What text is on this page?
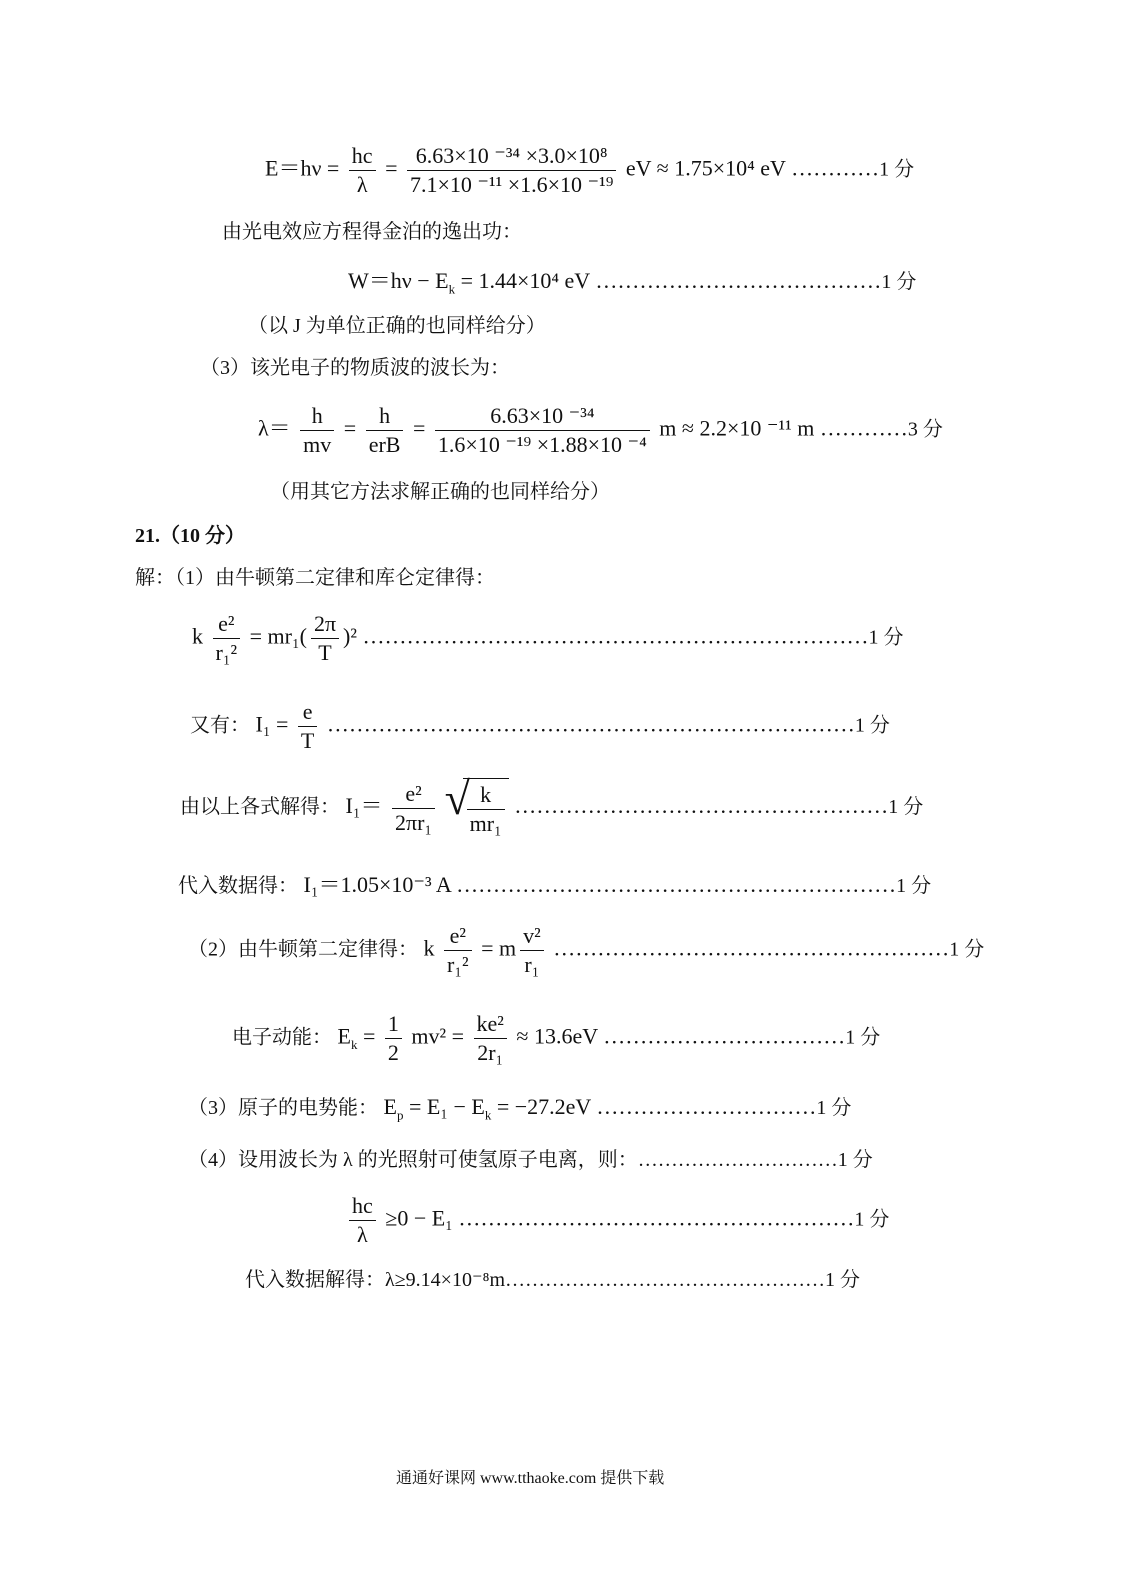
$E=h\nu = \frac{hc}{\lambda} = \frac{\text{6.63×10 ⁻³⁴ ×3.0×10⁸}}{\text{7.1×10 ⁻¹¹ ×1.6×10 ⁻¹⁹}}$ eV ≈ 1.75×10⁴ eV …………1 分
由光电效应方程得金泊的逸出功：
$W=h\nu - E_k = 1.44\times 10^4$ eV …………………………………1 分
（以 J 为单位正确的也同样给分）
（3）该光电子的物质波的波长为：
$\lambda= \frac{h}{mv} = \frac{h}{\text{erB}} = \frac{\text{6.63×10 ⁻³⁴}}{\text{1.6×10 ⁻¹⁹ ×1.88×10 ⁻⁴}}$ m ≈ 2.2×10 ⁻¹¹ m …………3 分
（用其它方法求解正确的也同样给分）
21.（10 分）
解：（1）由牛顿第二定律和库仑定律得：
k $\frac{\text{e²}}{\text{r₁²}} = mr_1( \frac{2\pi}{T} )^2$ ……………………………………………………………1 分
又有： $I_1 = \frac{e}{T}$ ………………………………………………………………1 分
由以上各式解得： $I_1= \frac{\text{e²}}{\text{2πr₁}}$
√
$\frac{k}{\text{mr₁}}$ ……………………………………………1 分
代入数据得： I₁＝1.05×10⁻³ A ……………………………………………………1 分
（2）由牛顿第二定律得： k $\frac{\text{e²}}{\text{r₁²}} = m \frac{\text{v²}}{\text{r₁}}$ ………………………………………………1 分
电子动能： $E_k = \frac{1}{2} mv^2 = \frac{\text{ke²}}{\text{2r₁}} \approx 13.6eV$ ……………………………1 分
（3）原子的电势能： $E_p = E_1 - E_k = -27.2eV$ …………………………1 分
（4）设用波长为 λ 的光照射可使氢原子电离，则：…………………………1 分
$\frac{hc}{\lambda} \ge 0 - E_1$ ………………………………………………1 分
代入数据解得：λ≥9.14×10⁻⁸m…………………………………………1 分
通通好课网 www.tthaoke.com 提供下载
